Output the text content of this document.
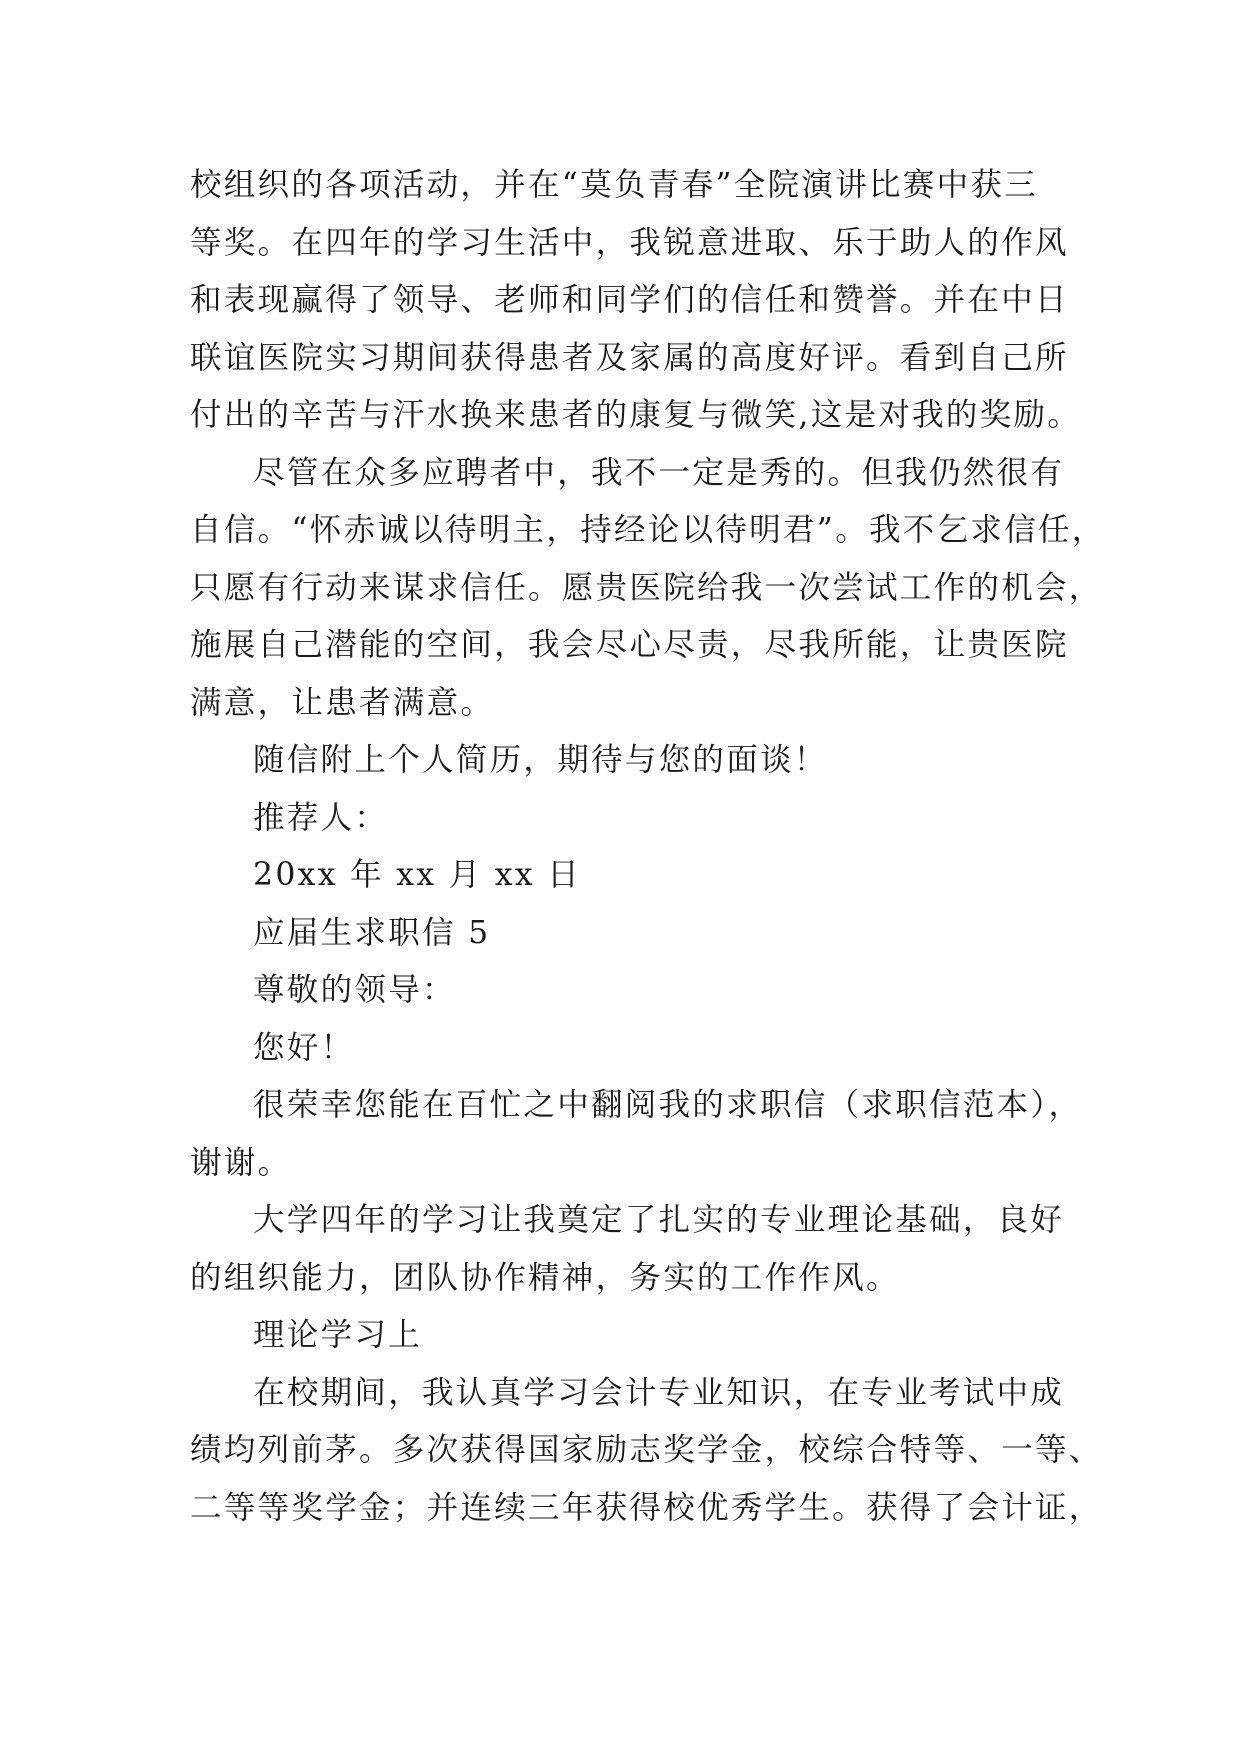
校组织的各项活动，并在“莫负青春”全院演讲比赛中获三
等奖。在四年的学习生活中，我锐意进取、乐于助人的作风
和表现赢得了领导、老师和同学们的信任和赞誉。并在中日
联谊医院实习期间获得患者及家属的高度好评。看到自己所
付出的辛苦与汗水换来患者的康复与微笑,这是对我的奖励。
尽管在众多应聘者中，我不一定是秀的。但我仍然很有
自信。“怀赤诚以待明主，持经论以待明君”。我不乞求信任，
只愿有行动来谋求信任。愿贵医院给我一次尝试工作的机会，
施展自己潜能的空间，我会尽心尽责，尽我所能，让贵医院
满意，让患者满意。
随信附上个人简历，期待与您的面谈！
推荐人：
20xx 年 xx 月 xx 日
应届生求职信 5
尊敬的领导：
您好！
很荣幸您能在百忙之中翻阅我的求职信（求职信范本），
谢谢。
大学四年的学习让我奠定了扎实的专业理论基础，良好
的组织能力，团队协作精神，务实的工作作风。
理论学习上
在校期间，我认真学习会计专业知识，在专业考试中成
绩均列前茅。多次获得国家励志奖学金，校综合特等、一等、
二等等奖学金；并连续三年获得校优秀学生。获得了会计证，
